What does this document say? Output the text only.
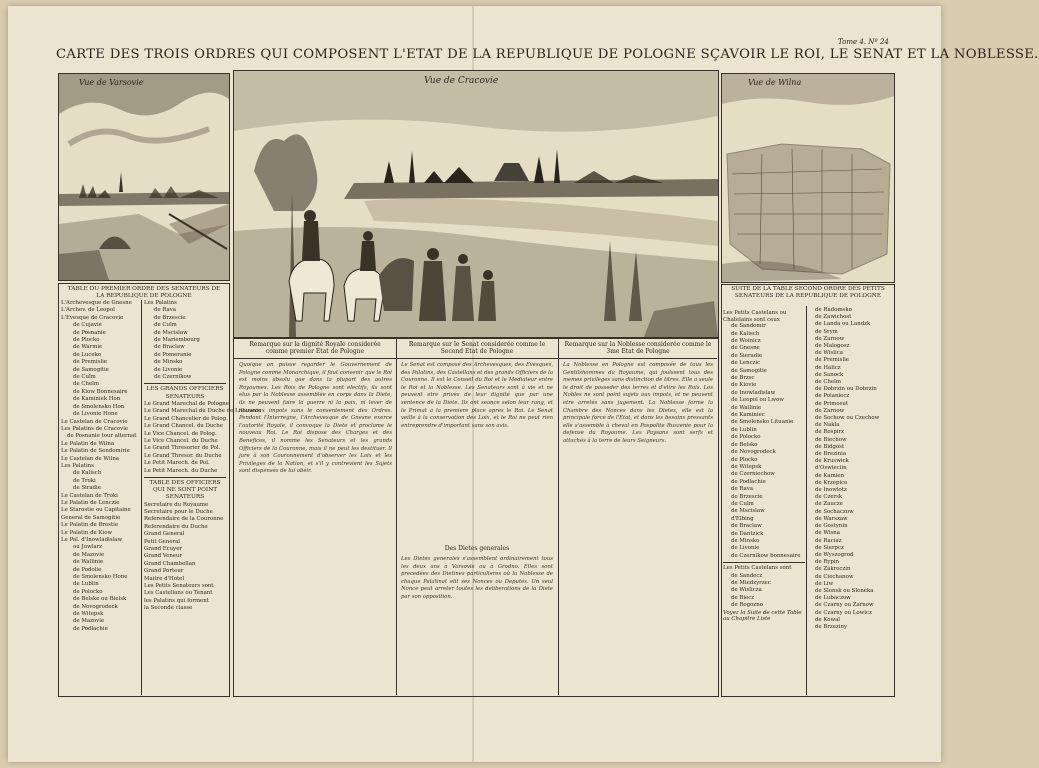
CARTE DES TROIS ORDRES QUI COMPOSENT L'ETAT DE LA REPUBLIQUE DE POLOGNE SÇAVOIR LE ROI, LE SENAT ET LA NOBLESSE.
Tome 4. Nº 24
Vue de Varsovie	Vue de Cracovie	Vue de Wilna
TABLE DU PREMIER ORDRE DES SENATEURS DE LA REPUBLIQUE DE POLOGNE
L'Archevesque de Gnesne
L'Archev. de Leopol
L'Evesque de Cracovie
de Cujavie
de Posnanie
de Plocko
de Warmie
de Luceko
de Premislie
de Samogitie
de Culm
de Chelm
de Kiow Bonnesaire
de Kaminiek Hon
de Smolensko Hon
de Livonie Hone
Le Castelan de Cracovie
Les Palatins de Cracovie
de Posnanie tour alternat
Le Palatin de Wilna
Le Palatin de Sendomirie
Le Castelan de Wilna
Les Palatins
de Kalisch
de Troki
de Siradie
Le Castelan de Troki
Le Palatin de Lenczie
Le Starostie ou Capitaine
General de Samogitie
Le Palatin de Brestie
Le Palatin de Kiow
Le Pal. d'Inowladislaw
ou Juwlarz
de Mazovie
de Wallinie
de Podolie
de Smolensko Hone
de Lublin
de Polocko
de Belske ou Bielsk
de Novogrodeck
de Witepsk
de Mazovie
de Podlachie
Les Palatins
de Rava
de Brzescie
de Culm
de Mscislaw
de Mariembourg
de Braclaw
de Pomeranie
de Minsko
de Livonie
de Czernikow
LES GRANDS OFFICIERS SENATEURS
Le Grand Marechal de Pologne
Le Grand Marechal du Duche de Lithuanie
Le Grand Chancelier de Polog.
Le Grand Chancel. du Duche
Le Vice Chancel. de Polog.
Le Vice Chancel. du Duche
Le Grand Thresorier de Pol.
Le Grand Thresor. du Duche
Le Petit Marech. de Pol.
Le Petit Marech. du Duche
TABLE DES OFFICIERS QUI NE SONT POINT SENATEURS
Secretaire du Royaume
Secretaire pour le Duche
Referendaire de la Couronne
Referendaire du Duche
Grand General
Petit General
Grand Ecuyer
Grand Veneur
Grand Chambellan
Grand Porteur
Maitre d'Hotel
Les Petits Senateurs sont
Les Castellans ou Tenant
les Palatins qui forment
la Seconde classe
Remarque sur la dignité Royale considerée comme premier Etat de Pologne
Quoique on puisse regarder le Gouvernement de Pologne comme Monarchique, il faut convenir que le Roi est moins absolu que dans la plupart des autres Royaumes. Les Rois de Pologne sont electifs, ils sont elus par la Noblesse assemblée en corps dans la Diete, ils ne peuvent faire la guerre ni la paix, ni lever de nouveaux impots sans le consentement des Ordres. Pendant l'Interregne, l'Archevesque de Gnesne exerce l'autorité Royale, il convoque la Diete et proclame le nouveau Roi. Le Roi dispose des Charges et des Benefices, il nomme les Senateurs et les grands Officiers de la Couronne, mais il ne peut les destituer. Il jure à son Couronnement d'observer les Loix et les Privileges de la Nation, et s'il y contrevient les Sujets sont dispensés de lui obéir.
Remarque sur le Senat considerée comme le Second Etat de Pologne
Le Senat est composé des Archevesques, des Evesques, des Palatins, des Castellans et des grands Officiers de la Couronne. Il est le Conseil du Roi et le Mediateur entre le Roi et la Noblesse. Les Senateurs sont à vie et ne peuvent etre privés de leur dignité que par une sentence de la Diete. Ils ont seance selon leur rang, et le Primat a la premiere place apres le Roi. Le Senat veille à la conservation des Loix, et le Roi ne peut rien entreprendre d'important sans son avis.
Des Dietes generales
Les Dietes generales s'assemblent ordinairement tous les deux ans à Varsovie ou à Grodno. Elles sont precedées des Dietines particulieres où la Noblesse de chaque Palatinat elit ses Nonces ou Deputés. Un seul Nonce peut arreter toutes les deliberations de la Diete par son opposition.
Remarque sur la Noblesse considerée comme le 3me Etat de Pologne
La Noblesse en Pologne est composée de tous les Gentilshommes du Royaume, qui jouissent tous des memes privileges sans distinction de titres. Elle a seule le droit de posseder des terres et d'elire les Rois. Les Nobles ne sont point sujets aux impots, et ne peuvent etre arretés sans jugement. La Noblesse forme la Chambre des Nonces dans les Dietes, elle est la principale force de l'Etat, et dans les besoins pressants elle s'assemble à cheval en Pospolite Ruszenie pour la defense du Royaume. Les Paysans sont serfs et attachés à la terre de leurs Seigneurs.
SUITE DE LA TABLE SECOND ORDRE DES PETITS SENATEURS DE LA REPUBLIQUE DE POLOGNE
Les Petits Castelans ou Chatelains sont ceux
de Sandomir
de Kalisch
de Woinicz
de Gnesne
de Sieradie
de Lenczic
de Samogitie
de Brzsc
de Kiovie
de Inowladislaw
de Leopol ou Lwow
de Wallinie
de Kaminiec
de Smolensko Lituanie
de Lublin
de Polocko
de Belsko
de Novogrodeck
de Plocko
de Witepsk
de Czerniechow
de Podlachie
de Rava
de Brzescie
de Culm
de Mscislaw
d'Elbing
de Braclaw
de Dantzick
de Minsko
de Livonie
de Czernikow bonnesaire
Les Petits Castelans sont
de Sandecz
de Miedzyrzec
de Wislicza
de Biecz
de Rogozno
Voyez la Suite de cette Table au Chapitre Liste
de Radomsko
de Zawichost
de Landa ou Landzk
de Srym
de Zarnow
de Malogosz
de Wislica
de Premislie
de Halicz
de Sanock
de Chelm
de Dobrzin ou Dobrzin
de Polaniecz
de Primosut
de Zarnow
de Sochow ou Czechow
de Nakla
de Rospirz
de Biechow
de Bidgost
de Brezinia
de Kruswick
d'Oswieciin
de Kamien
de Krzepice
de Inowlotz
de Czersk
de Zaucze
de Sochaczow
de Warszaw
de Gostynin
de Wisna
de Raciaz
de Sierpcz
de Wyszogrod
de Rypin
de Zakroczin
de Ciechanow
de Liw
de Slonsk ou Sloneka
de Lubaczow
de Czarny ou Zarnow
de Czarny ou Lowicz
de Kowal
de Brzeziny
